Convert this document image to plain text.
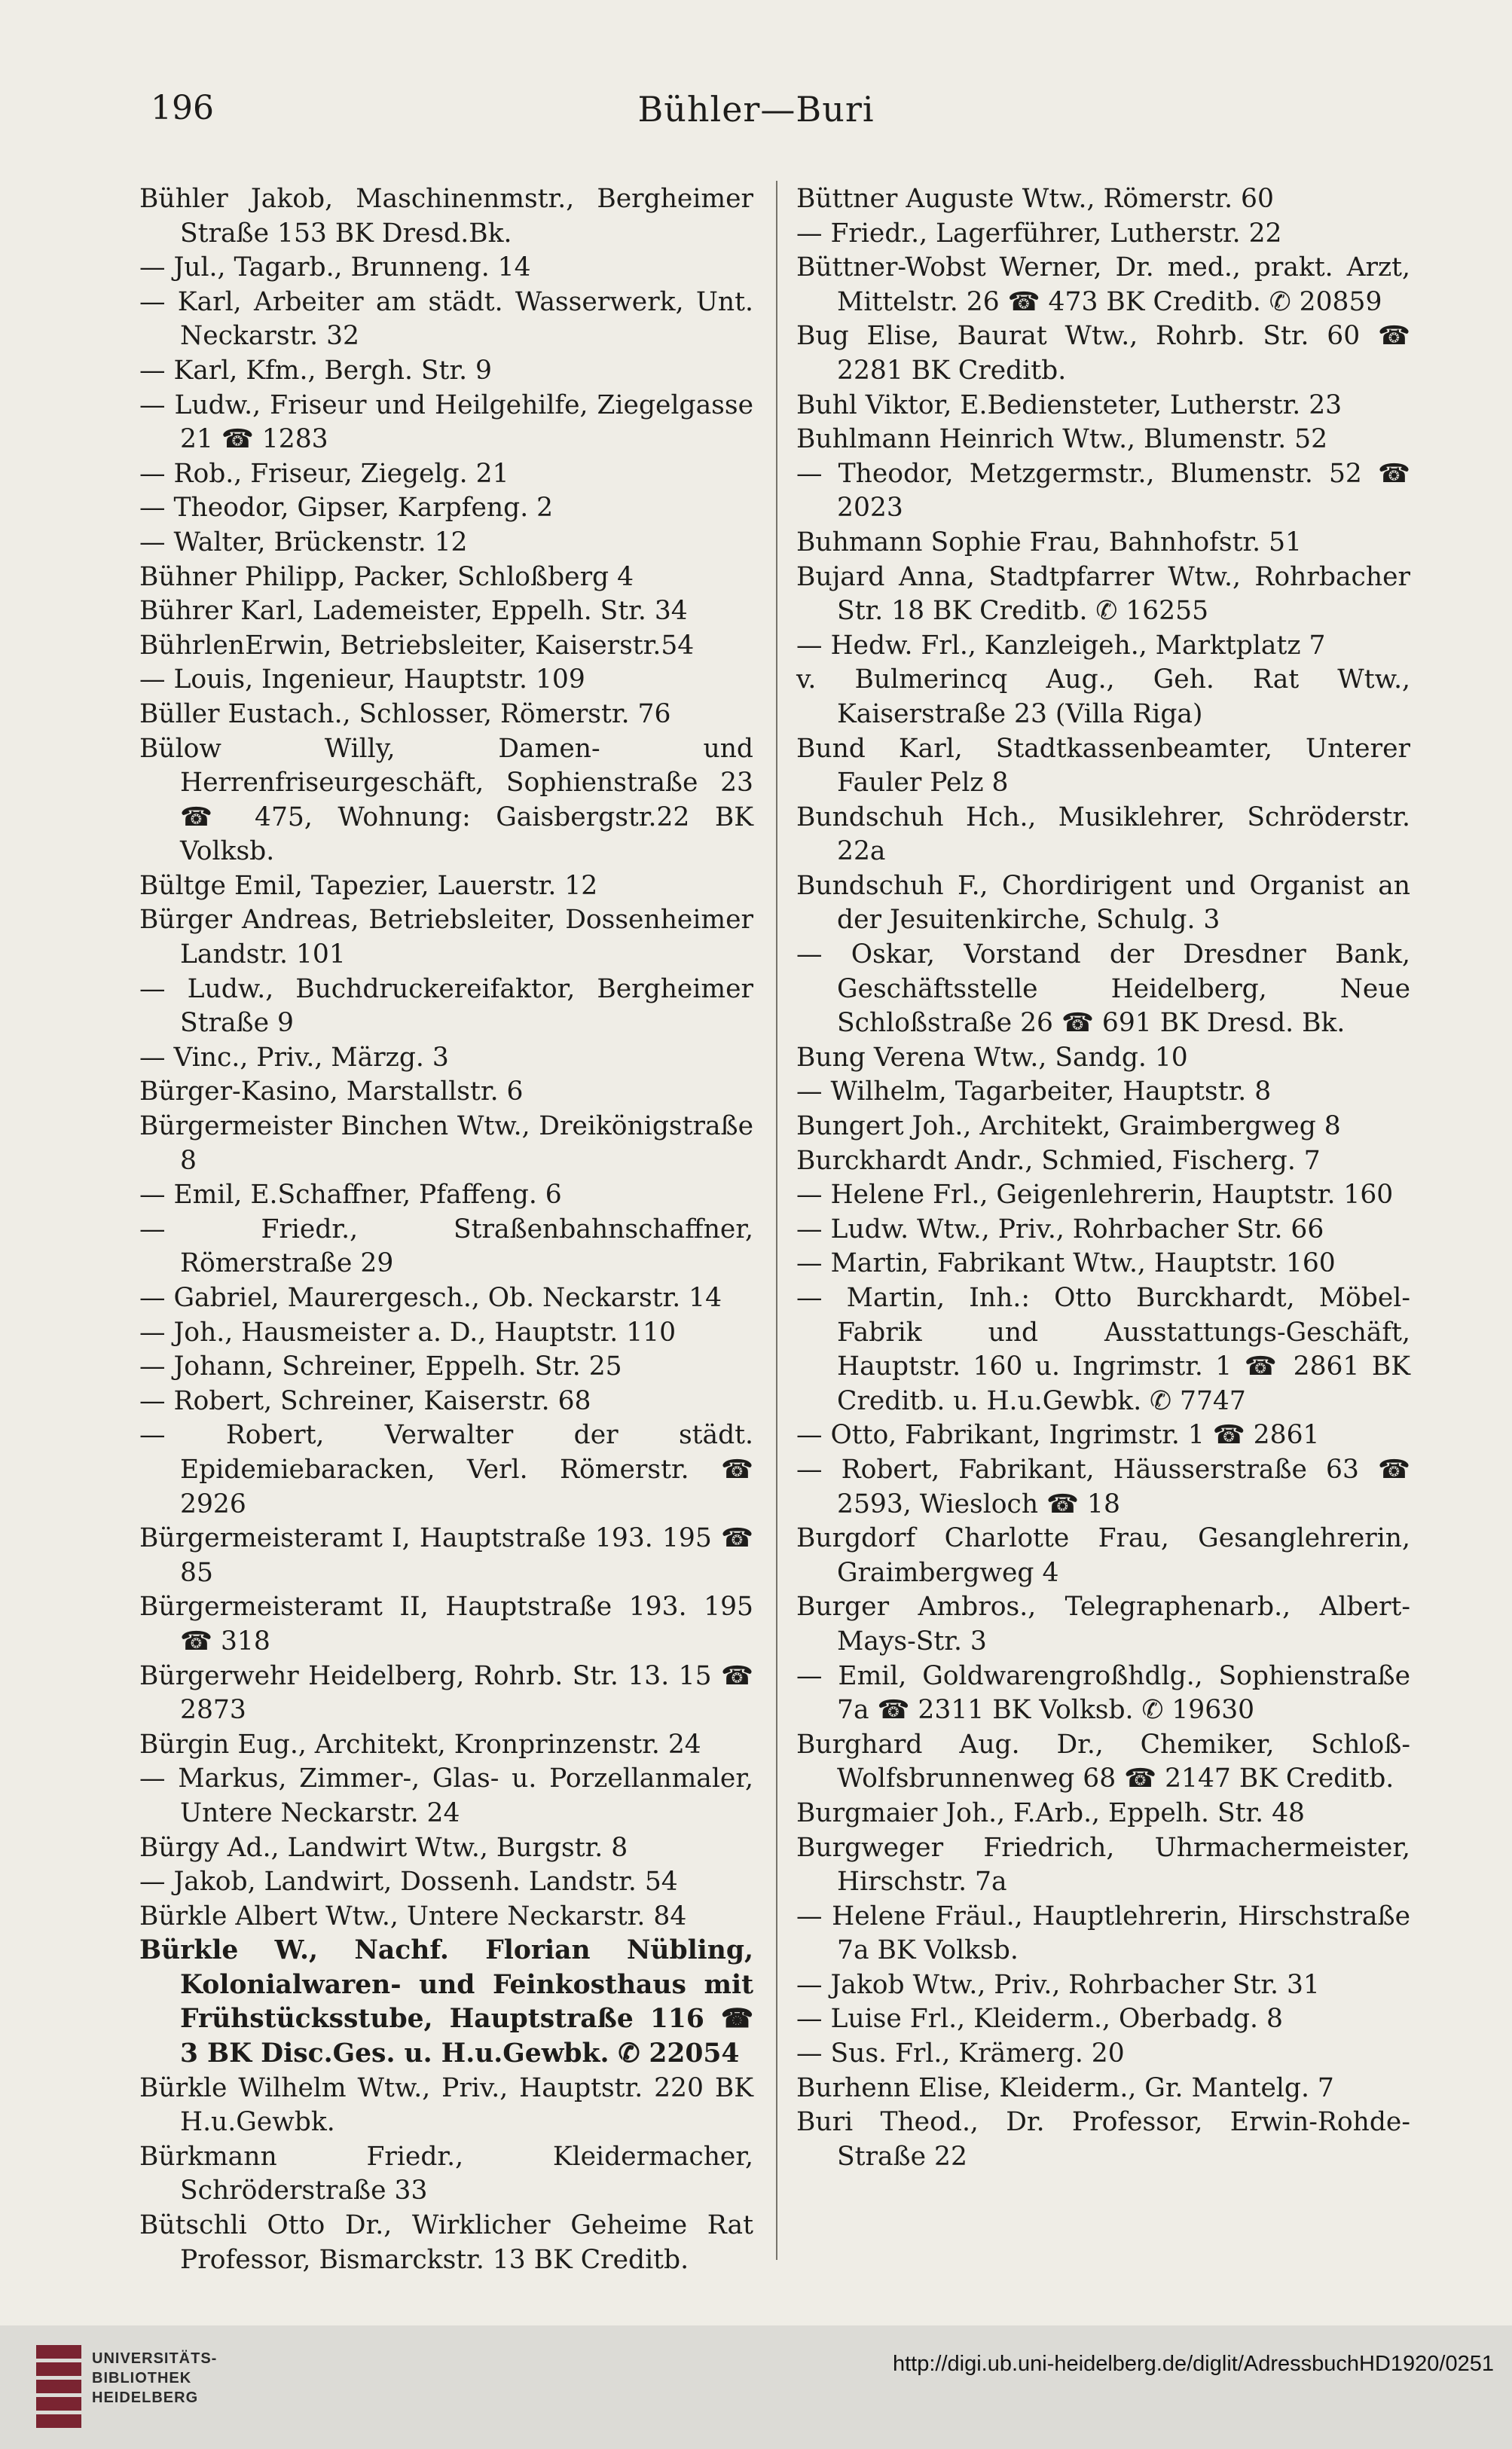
196	Bühler—Buri
Bühler Jakob, Maschinenmstr., Bergheimer Straße 153 BK Dresd.Bk.
— Jul., Tagarb., Brunneng. 14
— Karl, Arbeiter am städt. Wasserwerk, Unt. Neckarstr. 32
— Karl, Kfm., Bergh. Str. 9
— Ludw., Friseur und Heilgehilfe, Ziegelgasse 21 ☎ 1283
— Rob., Friseur, Ziegelg. 21
— Theodor, Gipser, Karpfeng. 2
— Walter, Brückenstr. 12
Bühner Philipp, Packer, Schloßberg 4
Bührer Karl, Lademeister, Eppelh. Str. 34
BührlenErwin, Betriebsleiter, Kaiserstr.54
— Louis, Ingenieur, Hauptstr. 109
Büller Eustach., Schlosser, Römerstr. 76
Bülow Willy, Damen- und Herrenfriseurgeschäft, Sophienstraße 23 ☎ 475, Wohnung: Gaisbergstr.22 BK Volksb.
Bültge Emil, Tapezier, Lauerstr. 12
Bürger Andreas, Betriebsleiter, Dossenheimer Landstr. 101
— Ludw., Buchdruckereifaktor, Bergheimer Straße 9
— Vinc., Priv., Märzg. 3
Bürger-Kasino, Marstallstr. 6
Bürgermeister Binchen Wtw., Dreikönigstraße 8
— Emil, E.Schaffner, Pfaffeng. 6
— Friedr., Straßenbahnschaffner, Römerstraße 29
— Gabriel, Maurergesch., Ob. Neckarstr. 14
— Joh., Hausmeister a. D., Hauptstr. 110
— Johann, Schreiner, Eppelh. Str. 25
— Robert, Schreiner, Kaiserstr. 68
— Robert, Verwalter der städt. Epidemiebaracken, Verl. Römerstr. ☎ 2926
Bürgermeisteramt I, Hauptstraße 193. 195 ☎ 85
Bürgermeisteramt II, Hauptstraße 193. 195 ☎ 318
Bürgerwehr Heidelberg, Rohrb. Str. 13. 15 ☎ 2873
Bürgin Eug., Architekt, Kronprinzenstr. 24
— Markus, Zimmer-, Glas- u. Porzellanmaler, Untere Neckarstr. 24
Bürgy Ad., Landwirt Wtw., Burgstr. 8
— Jakob, Landwirt, Dossenh. Landstr. 54
Bürkle Albert Wtw., Untere Neckarstr. 84
Bürkle W., Nachf. Florian Nübling, Kolonialwaren- und Feinkosthaus mit Frühstücksstube, Hauptstraße 116 ☎ 3 BK Disc.Ges. u. H.u.Gewbk. ✆ 22054
Bürkle Wilhelm Wtw., Priv., Hauptstr. 220 BK H.u.Gewbk.
Bürkmann Friedr., Kleidermacher, Schröderstraße 33
Bütschli Otto Dr., Wirklicher Geheime Rat Professor, Bismarckstr. 13 BK Creditb.
Büttner Auguste Wtw., Römerstr. 60
— Friedr., Lagerführer, Lutherstr. 22
Büttner-Wobst Werner, Dr. med., prakt. Arzt, Mittelstr. 26 ☎ 473 BK Creditb. ✆ 20859
Bug Elise, Baurat Wtw., Rohrb. Str. 60 ☎ 2281 BK Creditb.
Buhl Viktor, E.Bediensteter, Lutherstr. 23
Buhlmann Heinrich Wtw., Blumenstr. 52
— Theodor, Metzgermstr., Blumenstr. 52 ☎ 2023
Buhmann Sophie Frau, Bahnhofstr. 51
Bujard Anna, Stadtpfarrer Wtw., Rohrbacher Str. 18 BK Creditb. ✆ 16255
— Hedw. Frl., Kanzleigeh., Marktplatz 7
v. Bulmerincq Aug., Geh. Rat Wtw., Kaiserstraße 23 (Villa Riga)
Bund Karl, Stadtkassenbeamter, Unterer Fauler Pelz 8
Bundschuh Hch., Musiklehrer, Schröderstr. 22a
Bundschuh F., Chordirigent und Organist an der Jesuitenkirche, Schulg. 3
— Oskar, Vorstand der Dresdner Bank, Geschäftsstelle Heidelberg, Neue Schloßstraße 26 ☎ 691 BK Dresd. Bk.
Bung Verena Wtw., Sandg. 10
— Wilhelm, Tagarbeiter, Hauptstr. 8
Bungert Joh., Architekt, Graimbergweg 8
Burckhardt Andr., Schmied, Fischerg. 7
— Helene Frl., Geigenlehrerin, Hauptstr. 160
— Ludw. Wtw., Priv., Rohrbacher Str. 66
— Martin, Fabrikant Wtw., Hauptstr. 160
— Martin, Inh.: Otto Burckhardt, Möbel-Fabrik und Ausstattungs-Geschäft, Hauptstr. 160 u. Ingrimstr. 1 ☎ 2861 BK Creditb. u. H.u.Gewbk. ✆ 7747
— Otto, Fabrikant, Ingrimstr. 1 ☎ 2861
— Robert, Fabrikant, Häusserstraße 63 ☎ 2593, Wiesloch ☎ 18
Burgdorf Charlotte Frau, Gesanglehrerin, Graimbergweg 4
Burger Ambros., Telegraphenarb., Albert-Mays-Str. 3
— Emil, Goldwarengroßhdlg., Sophienstraße 7a ☎ 2311 BK Volksb. ✆ 19630
Burghard Aug. Dr., Chemiker, Schloß-Wolfsbrunnenweg 68 ☎ 2147 BK Creditb.
Burgmaier Joh., F.Arb., Eppelh. Str. 48
Burgweger Friedrich, Uhrmachermeister, Hirschstr. 7a
— Helene Fräul., Hauptlehrerin, Hirschstraße 7a BK Volksb.
— Jakob Wtw., Priv., Rohrbacher Str. 31
— Luise Frl., Kleiderm., Oberbadg. 8
— Sus. Frl., Krämerg. 20
Burhenn Elise, Kleiderm., Gr. Mantelg. 7
Buri Theod., Dr. Professor, Erwin-Rohde-Straße 22
UNIVERSITÄTS-
BIBLIOTHEK
HEIDELBERG
http://digi.ub.uni-heidelberg.de/diglit/AdressbuchHD1920/0251
